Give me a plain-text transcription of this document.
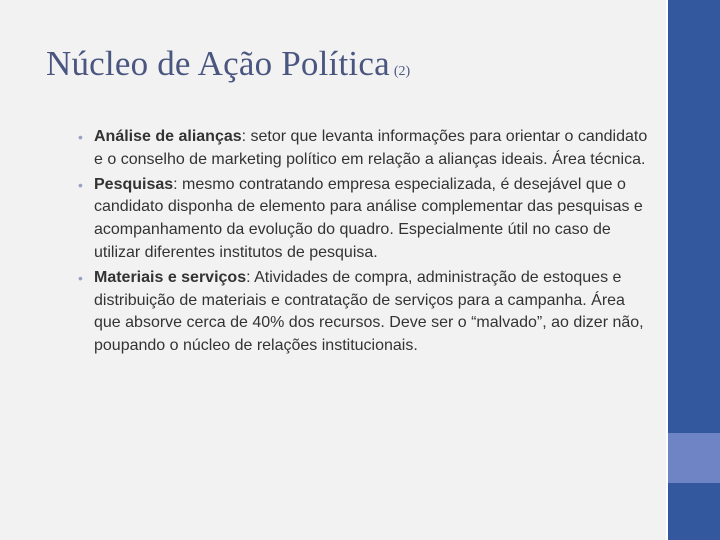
Núcleo de Ação Política (2)
• Análise de alianças: setor que levanta informações para orientar o candidato e o conselho de marketing político em relação a alianças ideais. Área técnica.
• Pesquisas: mesmo contratando empresa especializada, é desejável que o candidato disponha de elemento para análise complementar das pesquisas e acompanhamento da evolução do quadro. Especialmente útil no caso de utilizar diferentes institutos de pesquisa.
• Materiais e serviços: Atividades de compra, administração de estoques e distribuição de materiais e contratação de serviços para a campanha. Área que absorve cerca de 40% dos recursos. Deve ser o “malvado”, ao dizer não, poupando o núcleo de relações institucionais.
